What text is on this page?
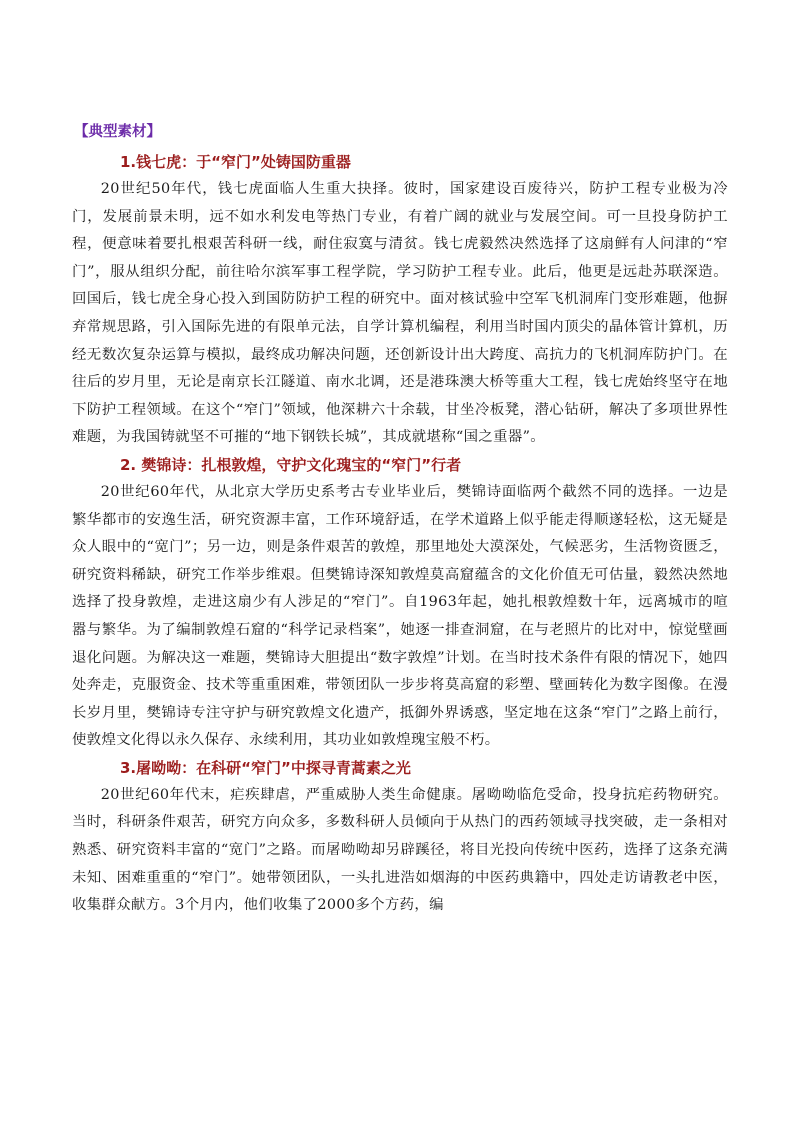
【典型素材】
1.钱七虎：于“窄门”处铸国防重器

20世纪50年代，钱七虎面临人生重大抉择。彼时，国家建设百废待兴，防护工程专业极为冷门，发展前景未明，远不如水利发电等热门专业，有着广阔的就业与发展空间。可一旦投身防护工程，便意味着要扎根艰苦科研一线，耐住寂寞与清贫。钱七虎毅然决然选择了这扇鲜有人问津的“窄门”，服从组织分配，前往哈尔滨军事工程学院，学习防护工程专业。此后，他更是远赴苏联深造。回国后，钱七虎全身心投入到国防防护工程的研究中。面对核试验中空军飞机洞库门变形难题，他摒弃常规思路，引入国际先进的有限单元法，自学计算机编程，利用当时国内顶尖的晶体管计算机，历经无数次复杂运算与模拟，最终成功解决问题，还创新设计出大跨度、高抗力的飞机洞库防护门。在往后的岁月里，无论是南京长江隧道、南水北调，还是港珠澳大桥等重大工程，钱七虎始终坚守在地下防护工程领域。在这个“窄门”领域，他深耕六十余载，甘坐冷板凳，潜心钻研，解决了多项世界性难题，为我国铸就坚不可摧的“地下钢铁长城”，其成就堪称“国之重器”。

2. 樊锦诗：扎根敦煌，守护文化瑰宝的“窄门”行者

20世纪60年代，从北京大学历史系考古专业毕业后，樊锦诗面临两个截然不同的选择。一边是繁华都市的安逸生活，研究资源丰富，工作环境舒适，在学术道路上似乎能走得顺遂轻松，这无疑是众人眼中的“宽门”；另一边，则是条件艰苦的敦煌，那里地处大漠深处，气候恶劣，生活物资匮乏，研究资料稀缺，研究工作举步维艰。但樊锦诗深知敦煌莫高窟蕴含的文化价值无可估量，毅然决然地选择了投身敦煌，走进这扇少有人涉足的“窄门”。自1963年起，她扎根敦煌数十年，远离城市的喧嚣与繁华。为了编制敦煌石窟的“科学记录档案”，她逐一排查洞窟，在与老照片的比对中，惊觉壁画退化问题。为解决这一难题，樊锦诗大胆提出“数字敦煌”计划。在当时技术条件有限的情况下，她四处奔走，克服资金、技术等重重困难，带领团队一步步将莫高窟的彩塑、壁画转化为数字图像。在漫长岁月里，樊锦诗专注守护与研究敦煌文化遗产，抵御外界诱惑，坚定地在这条“窄门”之路上前行，使敦煌文化得以永久保存、永续利用，其功业如敦煌瑰宝般不朽。

3.屠呦呦：在科研“窄门”中探寻青蒿素之光

20世纪60年代末，疟疾肆虐，严重威胁人类生命健康。屠呦呦临危受命，投身抗疟药物研究。当时，科研条件艰苦，研究方向众多，多数科研人员倾向于从热门的西药领域寻找突破，走一条相对熟悉、研究资料丰富的“宽门”之路。而屠呦呦却另辟蹊径，将目光投向传统中医药，选择了这条充满未知、困难重重的“窄门”。她带领团队，一头扎进浩如烟海的中医药典籍中，四处走访请教老中医，收集群众献方。3个月内，他们收集了2000多个方药，编
